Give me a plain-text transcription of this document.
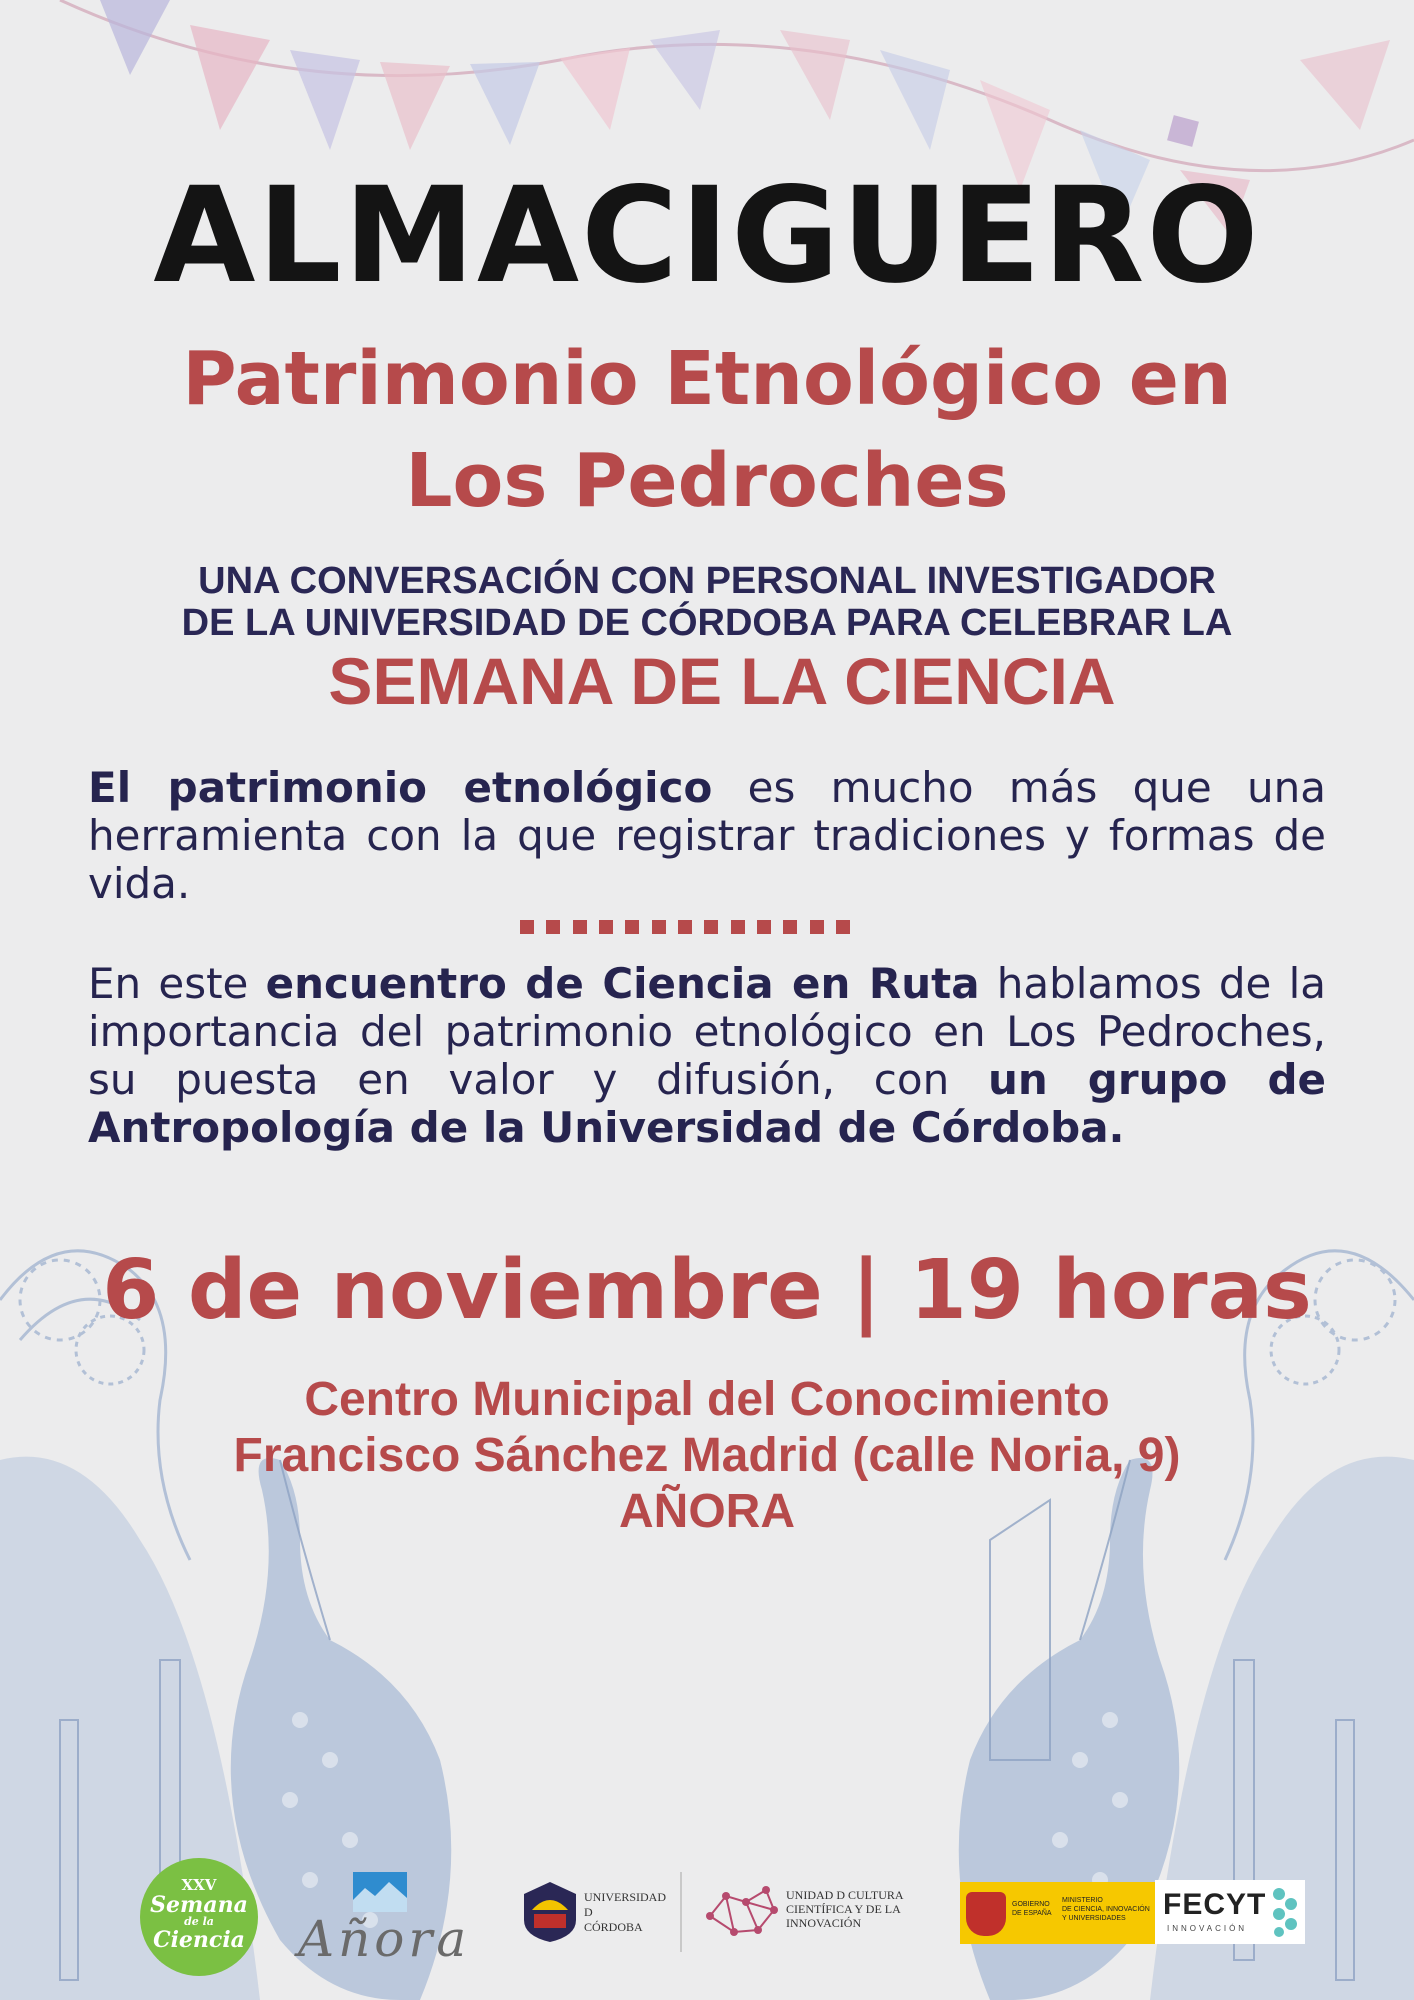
ALMACIGUERO
Patrimonio Etnológico en
Los Pedroches
UNA CONVERSACIÓN CON PERSONAL INVESTIGADOR
DE LA UNIVERSIDAD DE CÓRDOBA PARA CELEBRAR LA
SEMANA DE LA CIENCIA
El patrimonio etnológico es mucho más que una herramienta con la que registrar tradiciones y formas de vida.
En este encuentro de Ciencia en Ruta hablamos de la importancia del patrimonio etnológico en Los Pedroches, su puesta en valor y difusión, con un grupo de Antropología de la Universidad de Córdoba.
6 de noviembre | 19 horas
Centro Municipal del Conocimiento
Francisco Sánchez Madrid (calle Noria, 9)
AÑORA
XXV
Semana
de la
Ciencia Añora
UNIVERSIDAD
D
CÓRDOBA
UNIDAD D CULTURA
CIENTÍFICA Y DE LA
INNOVACIÓN
GOBIERNO
DE ESPAÑA
MINISTERIO
DE CIENCIA, INNOVACIÓN
Y UNIVERSIDADES	FECYT
INNOVACIÓN
